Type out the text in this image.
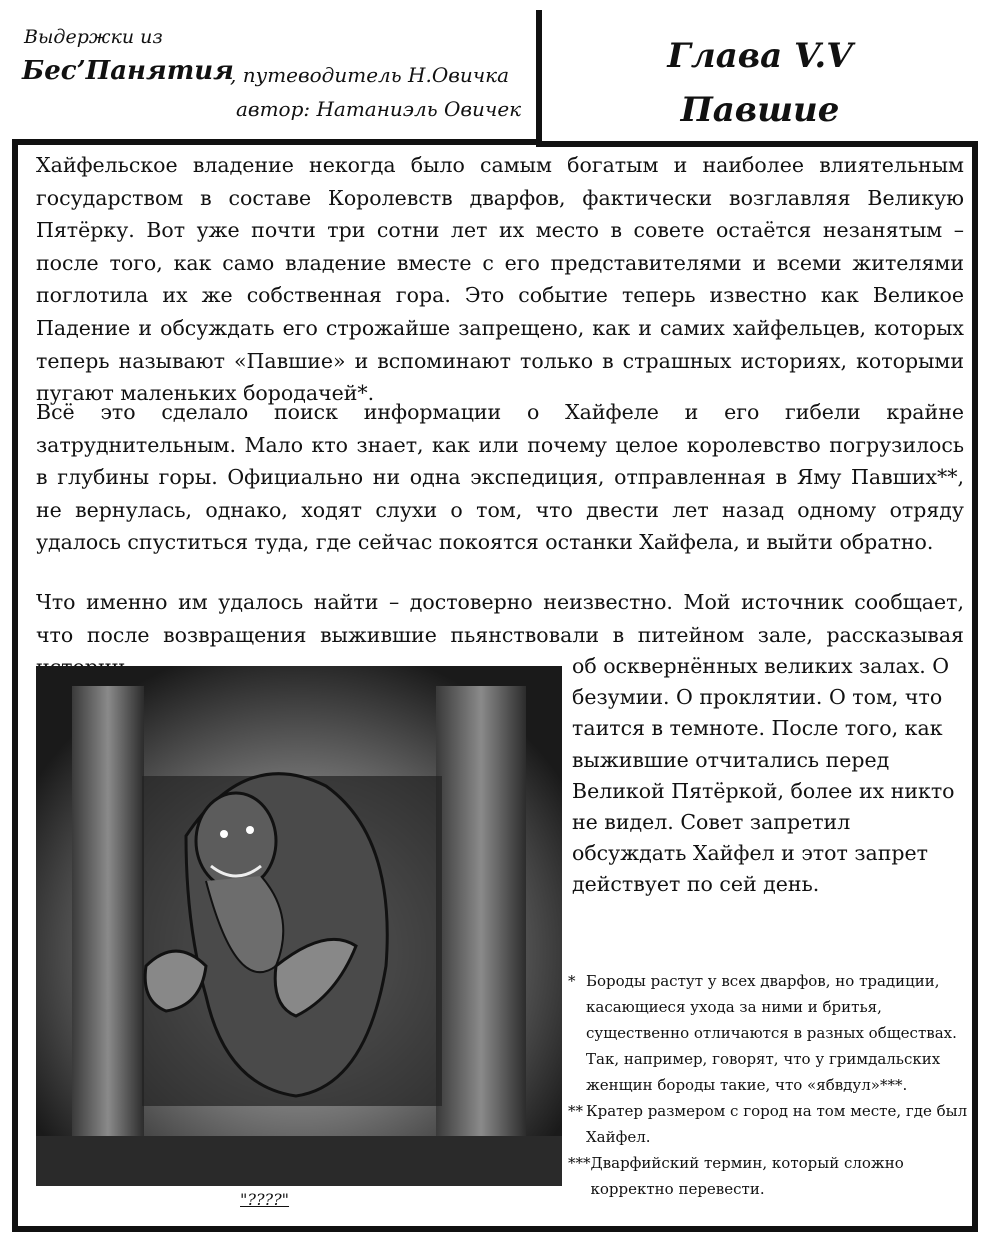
Выдержки из
Бес’Панятия
, путеводитель Н.Овичка
автор: Натаниэль Овичек
Глава V.V
Павшие
Хайфельское владение некогда было самым богатым и наиболее влиятельным государством в составе Королевств дварфов, фактически возглавляя Великую Пятёрку. Вот уже почти три сотни лет их место в совете остаётся незанятым – после того, как само владение вместе с его представителями и всеми жителями поглотила их же собственная гора. Это событие теперь известно как Великое Падение и обсуждать его строжайше запрещено, как и самих хайфельцев, которых теперь называют «Павшие» и вспоминают только в страшных историях, которыми пугают маленьких бородачей*.
Всё это сделало поиск информации о Хайфеле и его гибели крайне затруднительным. Мало кто знает, как или почему целое королевство погрузилось в глубины горы. Официально ни одна экспедиция, отправленная в Яму Павших**, не вернулась, однако, ходят слухи о том, что двести лет назад одному отряду удалось спуститься туда, где сейчас покоятся останки Хайфела, и выйти обратно.
Что именно им удалось найти – достоверно неизвестно. Мой источник сообщает, что после возвращения выжившие пьянствовали в питейном зале, рассказывая
об осквернённых великих залах. О безумии. О проклятии. О том, что таится в темноте. После того, как выжившие отчитались перед Великой Пятёркой, более их никто не видел. Совет запретил обсуждать Хайфел и этот запрет действует по сей день.
"????"
* Бороды растут у всех дварфов, но традиции, касающиеся ухода за ними и бритья, существенно отличаются в разных обществах. Так, например, говорят, что у гримдальских женщин бороды такие, что «ябвдул»***.
** Кратер размером с город на том месте, где был Хайфел.
*** Дварфийский термин, который сложно корректно перевести.
